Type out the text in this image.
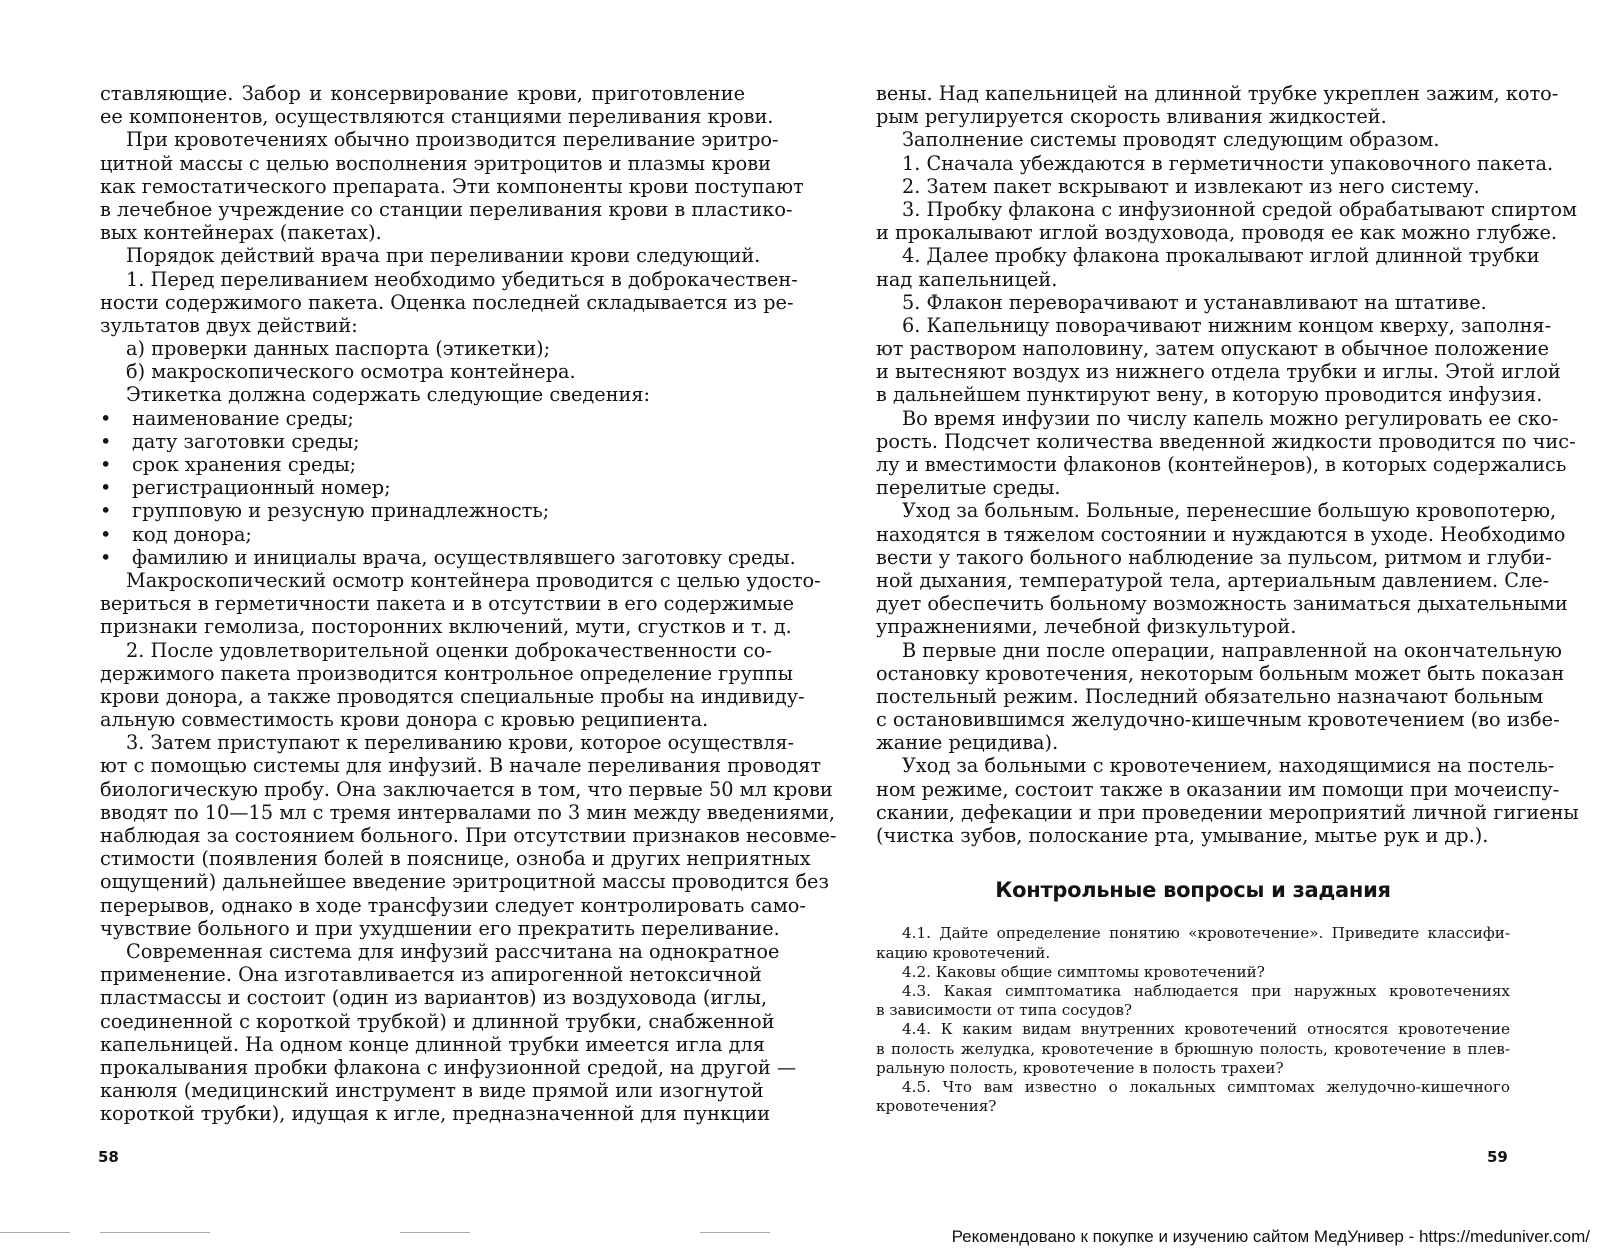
ставляющие. Забор и консервирование крови, приготовление
ее компонентов, осуществляются станциями переливания крови.
При кровотечениях обычно производится переливание эритро-
цитной массы с целью восполнения эритроцитов и плазмы крови
как гемостатического препарата. Эти компоненты крови поступают
в лечебное учреждение со станции переливания крови в пластико-
вых контейнерах (пакетах).
Порядок действий врача при переливании крови следующий.
1. Перед переливанием необходимо убедиться в доброкачествен-
ности содержимого пакета. Оценка последней складывается из ре-
зультатов двух действий:
а) проверки данных паспорта (этикетки);
б) макроскопического осмотра контейнера.
Этикетка должна содержать следующие сведения:
• наименование среды;
• дату заготовки среды;
• срок хранения среды;
• регистрационный номер;
• групповую и резусную принадлежность;
• код донора;
• фамилию и инициалы врача, осуществлявшего заготовку среды.
Макроскопический осмотр контейнера проводится с целью удосто-
вериться в герметичности пакета и в отсутствии в его содержимые
признаки гемолиза, посторонних включений, мути, сгустков и т. д.
2. После удовлетворительной оценки доброкачественности со-
держимого пакета производится контрольное определение группы
крови донора, а также проводятся специальные пробы на индивиду-
альную совместимость крови донора с кровью реципиента.
3. Затем приступают к переливанию крови, которое осуществля-
ют с помощью системы для инфузий. В начале переливания проводят
биологическую пробу. Она заключается в том, что первые 50 мл крови
вводят по 10—15 мл с тремя интервалами по 3 мин между введениями,
наблюдая за состоянием больного. При отсутствии признаков несовме-
стимости (появления болей в пояснице, озноба и других неприятных
ощущений) дальнейшее введение эритроцитной массы проводится без
перерывов, однако в ходе трансфузии следует контролировать само-
чувствие больного и при ухудшении его прекратить переливание.
Современная система для инфузий рассчитана на однократное
применение. Она изготавливается из апирогенной нетоксичной
пластмассы и состоит (один из вариантов) из воздуховода (иглы,
соединенной с короткой трубкой) и длинной трубки, снабженной
капельницей. На одном конце длинной трубки имеется игла для
прокалывания пробки флакона с инфузионной средой, на другой —
канюля (медицинский инструмент в виде прямой или изогнутой
короткой трубки), идущая к игле, предназначенной для пункции
вены. Над капельницей на длинной трубке укреплен зажим, кото-
рым регулируется скорость вливания жидкостей.
Заполнение системы проводят следующим образом.
1. Сначала убеждаются в герметичности упаковочного пакета.
2. Затем пакет вскрывают и извлекают из него систему.
3. Пробку флакона с инфузионной средой обрабатывают спиртом
и прокалывают иглой воздуховода, проводя ее как можно глубже.
4. Далее пробку флакона прокалывают иглой длинной трубки
над капельницей.
5. Флакон переворачивают и устанавливают на штативе.
6. Капельницу поворачивают нижним концом кверху, заполня-
ют раствором наполовину, затем опускают в обычное положение
и вытесняют воздух из нижнего отдела трубки и иглы. Этой иглой
в дальнейшем пунктируют вену, в которую проводится инфузия.
Во время инфузии по числу капель можно регулировать ее ско-
рость. Подсчет количества введенной жидкости проводится по чис-
лу и вместимости флаконов (контейнеров), в которых содержались
перелитые среды.
Уход за больным. Больные, перенесшие большую кровопотерю,
находятся в тяжелом состоянии и нуждаются в уходе. Необходимо
вести у такого больного наблюдение за пульсом, ритмом и глуби-
ной дыхания, температурой тела, артериальным давлением. Сле-
дует обеспечить больному возможность заниматься дыхательными
упражнениями, лечебной физкультурой.
В первые дни после операции, направленной на окончательную
остановку кровотечения, некоторым больным может быть показан
постельный режим. Последний обязательно назначают больным
с остановившимся желудочно-кишечным кровотечением (во избе-
жание рецидива).
Уход за больными с кровотечением, находящимися на постель-
ном режиме, состоит также в оказании им помощи при мочеиспу-
скании, дефекации и при проведении мероприятий личной гигиены
(чистка зубов, полоскание рта, умывание, мытье рук и др.).
Контрольные вопросы и задания
4.1. Дайте определение понятию «кровотечение». Приведите классифи-
кацию кровотечений.
4.2. Каковы общие симптомы кровотечений?
4.3. Какая симптоматика наблюдается при наружных кровотечениях
в зависимости от типа сосудов?
4.4. К каким видам внутренних кровотечений относятся кровотечение
в полость желудка, кровотечение в брюшную полость, кровотечение в плев-
ральную полость, кровотечение в полость трахеи?
4.5. Что вам известно о локальных симптомах желудочно-кишечного
кровотечения?
58	59
Рекомендовано к покупке и изучению сайтом МедУнивер - https://meduniver.com/
